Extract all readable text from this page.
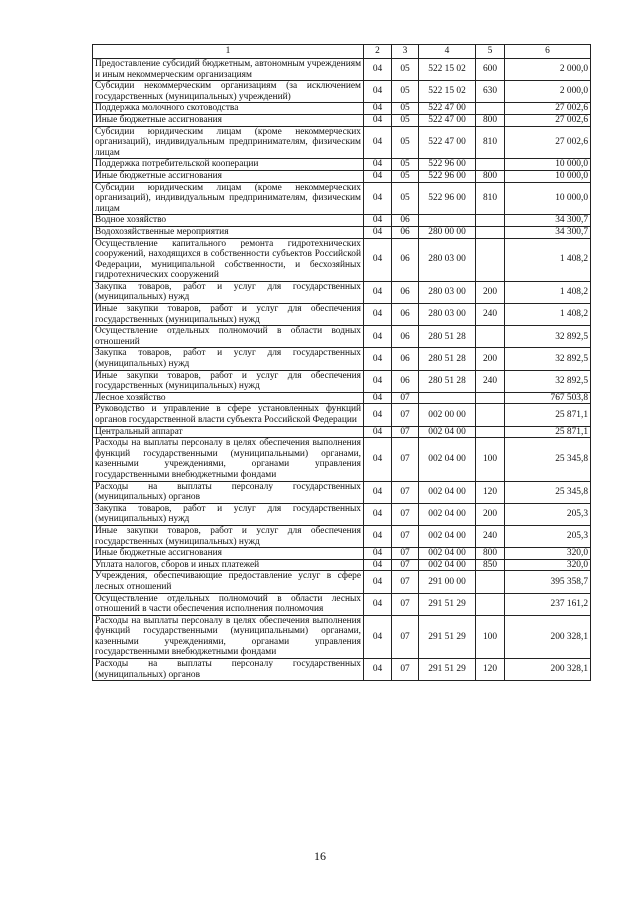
1	2	3	4	5	6
Предоставление субсидий бюджетным, автономным учреждениям и иным некоммерческим организациям	04	05	522 15 02	600	2 000,0
Субсидии некоммерческим организациям (за исключением государственных (муниципальных) учреждений)	04	05	522 15 02	630	2 000,0
Поддержка молочного скотоводства	04	05	522 47 00		27 002,6
Иные бюджетные ассигнования	04	05	522 47 00	800	27 002,6
Субсидии юридическим лицам (кроме некоммерческих организаций), индивидуальным предпринимателям, физическим лицам	04	05	522 47 00	810	27 002,6
Поддержка потребительской кооперации	04	05	522 96 00		10 000,0
Иные бюджетные ассигнования	04	05	522 96 00	800	10 000,0
Субсидии юридическим лицам (кроме некоммерческих организаций), индивидуальным предпринимателям, физическим лицам	04	05	522 96 00	810	10 000,0
Водное хозяйство	04	06			34 300,7
Водохозяйственные мероприятия	04	06	280 00 00		34 300,7
Осуществление капитального ремонта гидротехнических сооружений, находящихся в собственности субъектов Российской Федерации, муниципальной собственности, и бесхозяйных гидротехнических сооружений	04	06	280 03 00		1 408,2
Закупка товаров, работ и услуг для государственных (муниципальных) нужд	04	06	280 03 00	200	1 408,2
Иные закупки товаров, работ и услуг для обеспечения государственных (муниципальных) нужд	04	06	280 03 00	240	1 408,2
Осуществление отдельных полномочий в области водных отношений	04	06	280 51 28		32 892,5
Закупка товаров, работ и услуг для государственных (муниципальных) нужд	04	06	280 51 28	200	32 892,5
Иные закупки товаров, работ и услуг для обеспечения государственных (муниципальных) нужд	04	06	280 51 28	240	32 892,5
Лесное хозяйство	04	07			767 503,8
Руководство и управление в сфере установленных функций органов государственной власти субъекта Российской Федерации	04	07	002 00 00		25 871,1
Центральный аппарат	04	07	002 04 00		25 871,1
Расходы на выплаты персоналу в целях обеспечения выполнения функций государственными (муниципальными) органами, казенными учреждениями, органами управления государственными внебюджетными фондами	04	07	002 04 00	100	25 345,8
Расходы на выплаты персоналу государственных (муниципальных) органов	04	07	002 04 00	120	25 345,8
Закупка товаров, работ и услуг для государственных (муниципальных) нужд	04	07	002 04 00	200	205,3
Иные закупки товаров, работ и услуг для обеспечения государственных (муниципальных) нужд	04	07	002 04 00	240	205,3
Иные бюджетные ассигнования	04	07	002 04 00	800	320,0
Уплата налогов, сборов и иных платежей	04	07	002 04 00	850	320,0
Учреждения, обеспечивающие предоставление услуг в сфере лесных отношений	04	07	291 00 00		395 358,7
Осуществление отдельных полномочий в области лесных отношений в части обеспечения исполнения полномочия	04	07	291 51 29		237 161,2
Расходы на выплаты персоналу в целях обеспечения выполнения функций государственными (муниципальными) органами, казенными учреждениями, органами управления государственными внебюджетными фондами	04	07	291 51 29	100	200 328,1
Расходы на выплаты персоналу государственных (муниципальных) органов	04	07	291 51 29	120	200 328,1
16
